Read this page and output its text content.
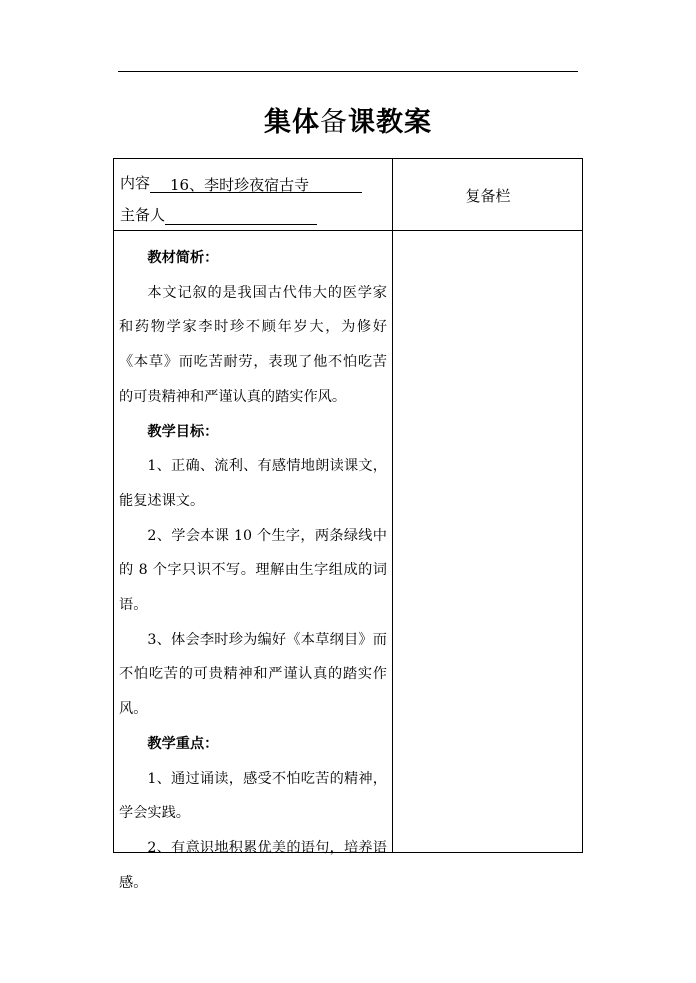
集体备课教案
内容 16、李时珍夜宿古寺
主备人
复备栏

教材简析：

本文记叙的是我国古代伟大的医学家和药物学家李时珍不顾年岁大，为修好《本草》而吃苦耐劳，表现了他不怕吃苦的可贵精神和严谨认真的踏实作风。

教学目标：

1、正确、流利、有感情地朗读课文，能复述课文。

2、学会本课 10 个生字，两条绿线中的 8 个字只识不写。理解由生字组成的词语。

3、体会李时珍为编好《本草纲目》而不怕吃苦的可贵精神和严谨认真的踏实作风。

教学重点：

1、通过诵读，感受不怕吃苦的精神，学会实践。

2、有意识地积累优美的语句，培养语感。
